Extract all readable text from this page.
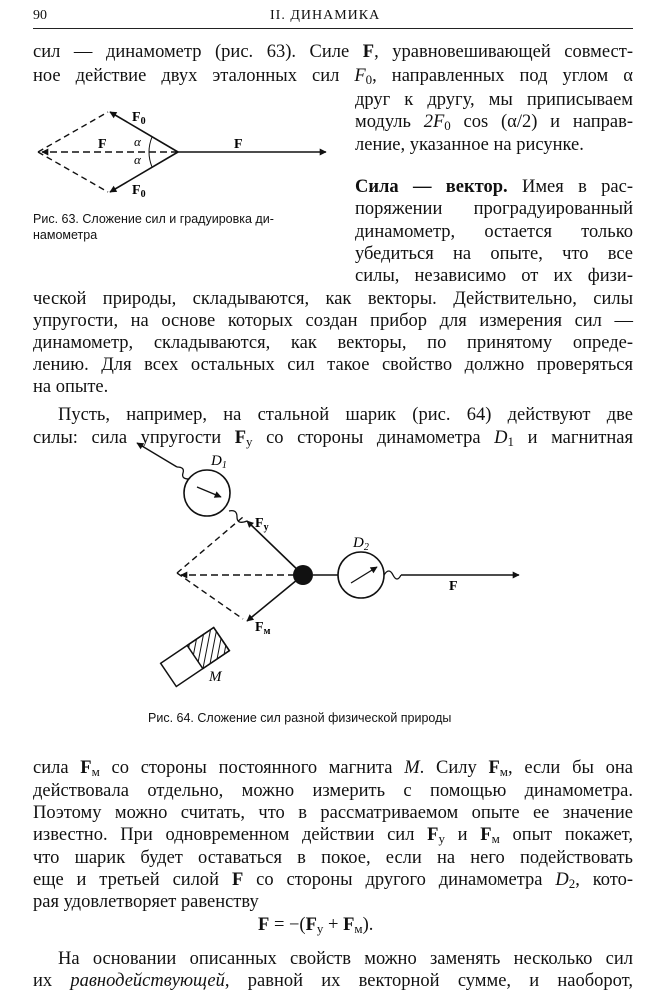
90	II. ДИНАМИКА
сил — динамометр (рис. 63). Силе F, уравновешивающей совмест-
ное действие двух эталонных сил $F_0$, направленных под углом α
друг к другу, мы приписываем
модуль $2F_0$ cos (α/2) и направ-
ление, указанное на рисунке.
Сила — вектор. Имея в рас-
поряжении проградуированный
динамометр, остается только
убедиться на опыте, что все
силы, независимо от их физи-
ческой природы, складываются, как векторы. Действительно, силы
упругости, на основе которых создан прибор для измерения сил —
динамометр, складываются, как векторы, по принятому опреде-
лению. Для всех остальных сил такое свойство должно проверяться
на опыте.
Пусть, например, на стальной шарик (рис. 64) действуют две
силы: сила упругости $F_у$ со стороны динамометра $D_1$ и магнитная
$F_0$
$F_0$
F	F
α
α
Рис. 63. Сложение сил и градуировка ди-
намометра
$D_1$
$D_2$
$F_у$
$F_м$
F
M
Рис. 64. Сложение сил разной физической природы
сила $F_м$ со стороны постоянного магнита M. Силу $F_м$, если бы она
действовала отдельно, можно измерить с помощью динамометра.
Поэтому можно считать, что в рассматриваемом опыте ее значение
известно. При одновременном действии сил $F_у$ и $F_м$ опыт покажет,
что шарик будет оставаться в покое, если на него подействовать
еще и третьей силой F со стороны другого динамометра $D_2$, кото-
рая удовлетворяет равенству
$F = -(F_у + F_м)$.
На основании описанных свойств можно заменять несколько сил
их равнодействующей, равной их векторной сумме, и наоборот,
